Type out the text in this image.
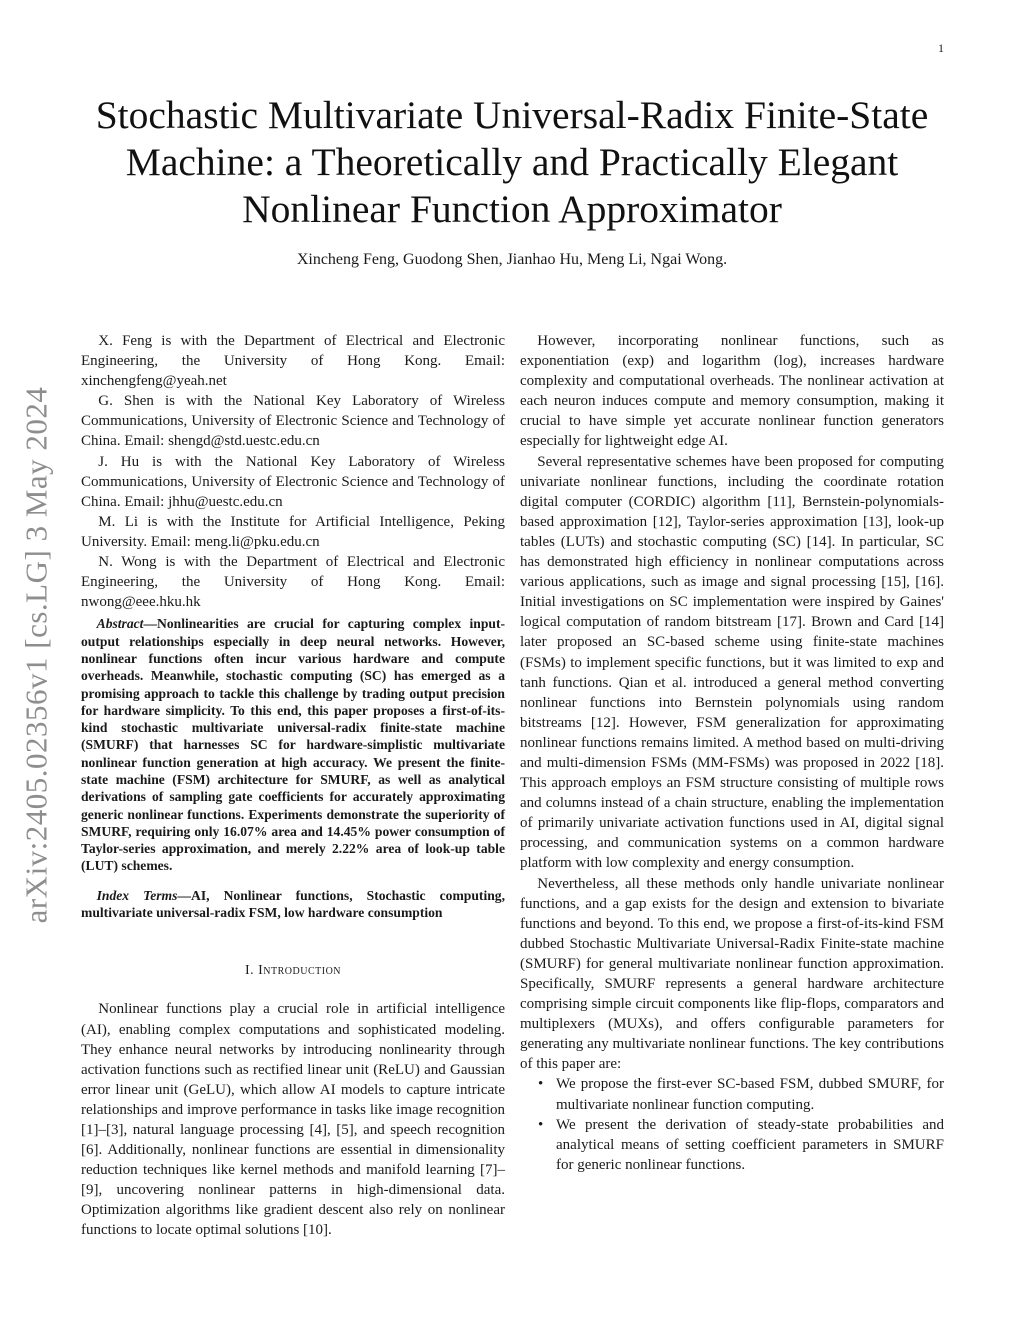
1
arXiv:2405.02356v1 [cs.LG] 3 May 2024
Stochastic Multivariate Universal-Radix Finite-State Machine: a Theoretically and Practically Elegant Nonlinear Function Approximator
Xincheng Feng, Guodong Shen, Jianhao Hu, Meng Li, Ngai Wong.

X. Feng is with the Department of Electrical and Electronic Engineering, the University of Hong Kong. Email: xinchengfeng@yeah.net

G. Shen is with the National Key Laboratory of Wireless Communications, University of Electronic Science and Technology of China. Email: shengd@std.uestc.edu.cn

J. Hu is with the National Key Laboratory of Wireless Communications, University of Electronic Science and Technology of China. Email: jhhu@uestc.edu.cn

M. Li is with the Institute for Artificial Intelligence, Peking University. Email: meng.li@pku.edu.cn

N. Wong is with the Department of Electrical and Electronic Engineering, the University of Hong Kong. Email: nwong@eee.hku.hk

Abstract—Nonlinearities are crucial for capturing complex input-output relationships especially in deep neural networks. However, nonlinear functions often incur various hardware and compute overheads. Meanwhile, stochastic computing (SC) has emerged as a promising approach to tackle this challenge by trading output precision for hardware simplicity. To this end, this paper proposes a first-of-its-kind stochastic multivariate universal-radix finite-state machine (SMURF) that harnesses SC for hardware-simplistic multivariate nonlinear function generation at high accuracy. We present the finite-state machine (FSM) architecture for SMURF, as well as analytical derivations of sampling gate coefficients for accurately approximating generic nonlinear functions. Experiments demonstrate the superiority of SMURF, requiring only 16.07% area and 14.45% power consumption of Taylor-series approximation, and merely 2.22% area of look-up table (LUT) schemes.
Index Terms—AI, Nonlinear functions, Stochastic computing, multivariate universal-radix FSM, low hardware consumption
I. Introduction

Nonlinear functions play a crucial role in artificial intelligence (AI), enabling complex computations and sophisticated modeling. They enhance neural networks by introducing nonlinearity through activation functions such as rectified linear unit (ReLU) and Gaussian error linear unit (GeLU), which allow AI models to capture intricate relationships and improve performance in tasks like image recognition [1]–[3], natural language processing [4], [5], and speech recognition [6]. Additionally, nonlinear functions are essential in dimensionality reduction techniques like kernel methods and manifold learning [7]–[9], uncovering nonlinear patterns in high-dimensional data. Optimization algorithms like gradient descent also rely on nonlinear functions to locate optimal solutions [10].

However, incorporating nonlinear functions, such as exponentiation (exp) and logarithm (log), increases hardware complexity and computational overheads. The nonlinear activation at each neuron induces compute and memory consumption, making it crucial to have simple yet accurate nonlinear function generators especially for lightweight edge AI.

Several representative schemes have been proposed for computing univariate nonlinear functions, including the coordinate rotation digital computer (CORDIC) algorithm [11], Bernstein-polynomials-based approximation [12], Taylor-series approximation [13], look-up tables (LUTs) and stochastic computing (SC) [14]. In particular, SC has demonstrated high efficiency in nonlinear computations across various applications, such as image and signal processing [15], [16]. Initial investigations on SC implementation were inspired by Gaines' logical computation of random bitstream [17]. Brown and Card [14] later proposed an SC-based scheme using finite-state machines (FSMs) to implement specific functions, but it was limited to exp and tanh functions. Qian et al. introduced a general method converting nonlinear functions into Bernstein polynomials using random bitstreams [12]. However, FSM generalization for approximating nonlinear functions remains limited. A method based on multi-driving and multi-dimension FSMs (MM-FSMs) was proposed in 2022 [18]. This approach employs an FSM structure consisting of multiple rows and columns instead of a chain structure, enabling the implementation of primarily univariate activation functions used in AI, digital signal processing, and communication systems on a common hardware platform with low complexity and energy consumption.

Nevertheless, all these methods only handle univariate nonlinear functions, and a gap exists for the design and extension to bivariate functions and beyond. To this end, we propose a first-of-its-kind FSM dubbed Stochastic Multivariate Universal-Radix Finite-state machine (SMURF) for general multivariate nonlinear function approximation. Specifically, SMURF represents a general hardware architecture comprising simple circuit components like flip-flops, comparators and multiplexers (MUXs), and offers configurable parameters for generating any multivariate nonlinear functions. The key contributions of this paper are:

• We propose the first-ever SC-based FSM, dubbed SMURF, for multivariate nonlinear function computing.
• We present the derivation of steady-state probabilities and analytical means of setting coefficient parameters in SMURF for generic nonlinear functions.
